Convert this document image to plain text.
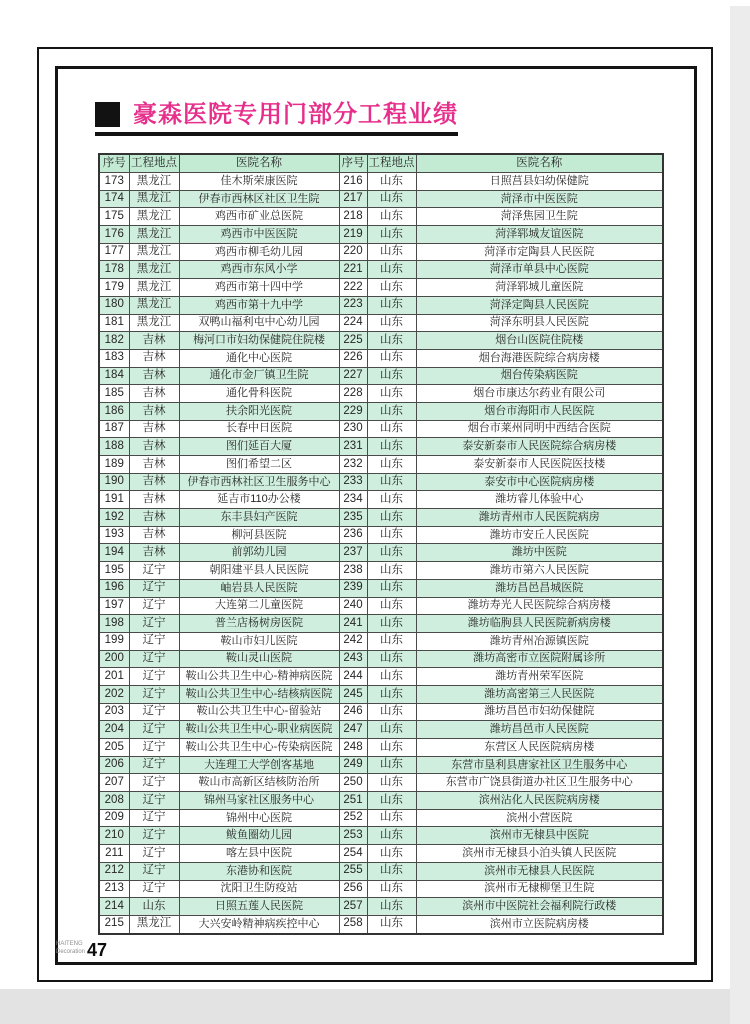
豪森医院专用门部分工程业绩
序号	工程地点	医院名称	序号	工程地点	医院名称
173	黑龙江	佳木斯荣康医院	216	山东	日照莒县妇幼保健院
174	黑龙江	伊春市西林区社区卫生院	217	山东	菏泽市中医医院
175	黑龙江	鸡西市矿业总医院	218	山东	菏泽焦园卫生院
176	黑龙江	鸡西市中医医院	219	山东	菏泽郓城友谊医院
177	黑龙江	鸡西市柳毛幼儿园	220	山东	菏泽市定陶县人民医院
178	黑龙江	鸡西市东风小学	221	山东	菏泽市单县中心医院
179	黑龙江	鸡西市第十四中学	222	山东	菏泽郓城儿童医院
180	黑龙江	鸡西市第十九中学	223	山东	菏泽定陶县人民医院
181	黑龙江	双鸭山福利屯中心幼儿园	224	山东	菏泽东明县人民医院
182	吉林	梅河口市妇幼保健院住院楼	225	山东	烟台山医院住院楼
183	吉林	通化中心医院	226	山东	烟台海港医院综合病房楼
184	吉林	通化市金厂镇卫生院	227	山东	烟台传染病医院
185	吉林	通化骨科医院	228	山东	烟台市康达尔药业有限公司
186	吉林	扶余阳光医院	229	山东	烟台市海阳市人民医院
187	吉林	长春中日医院	230	山东	烟台市莱州同明中西结合医院
188	吉林	图们延百大厦	231	山东	泰安新泰市人民医院综合病房楼
189	吉林	图们希望二区	232	山东	泰安新泰市人民医院医技楼
190	吉林	伊春市西林社区卫生服务中心	233	山东	泰安市中心医院病房楼
191	吉林	延吉市110办公楼	234	山东	潍坊睿儿体验中心
192	吉林	东丰县妇产医院	235	山东	潍坊青州市人民医院病房
193	吉林	柳河县医院	236	山东	潍坊市安丘人民医院
194	吉林	前郭幼儿园	237	山东	潍坊中医院
195	辽宁	朝阳建平县人民医院	238	山东	潍坊市第六人民医院
196	辽宁	岫岩县人民医院	239	山东	潍坊昌邑昌城医院
197	辽宁	大连第二儿童医院	240	山东	潍坊寿光人民医院综合病房楼
198	辽宁	普兰店杨树房医院	241	山东	潍坊临朐县人民医院新病房楼
199	辽宁	鞍山市妇儿医院	242	山东	潍坊青州冶源镇医院
200	辽宁	鞍山灵山医院	243	山东	潍坊高密市立医院附属诊所
201	辽宁	鞍山公共卫生中心-精神病医院	244	山东	潍坊青州荣军医院
202	辽宁	鞍山公共卫生中心-结核病医院	245	山东	潍坊高密第三人民医院
203	辽宁	鞍山公共卫生中心-留验站	246	山东	潍坊昌邑市妇幼保健院
204	辽宁	鞍山公共卫生中心-职业病医院	247	山东	潍坊昌邑市人民医院
205	辽宁	鞍山公共卫生中心-传染病医院	248	山东	东营区人民医院病房楼
206	辽宁	大连理工大学创客基地	249	山东	东营市垦利县唐家社区卫生服务中心
207	辽宁	鞍山市高新区结核防治所	250	山东	东营市广饶县街道办社区卫生服务中心
208	辽宁	锦州马家社区服务中心	251	山东	滨州沾化人民医院病房楼
209	辽宁	锦州中心医院	252	山东	滨州小营医院
210	辽宁	鲅鱼圈幼儿园	253	山东	滨州市无棣县中医院
211	辽宁	喀左县中医院	254	山东	滨州市无棣县小泊头镇人民医院
212	辽宁	东港协和医院	255	山东	滨州市无棣县人民医院
213	辽宁	沈阳卫生防疫站	256	山东	滨州市无棣柳堡卫生院
214	山东	日照五莲人民医院	257	山东	滨州市中医院社会福利院行政楼
215	黑龙江	大兴安岭精神病疾控中心	258	山东	滨州市立医院病房楼
HAITENG
Decoration 47
